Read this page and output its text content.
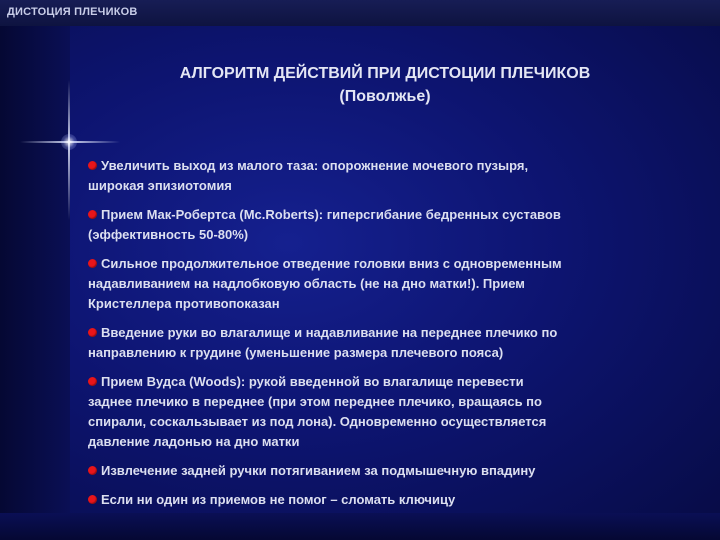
ДИСТОЦИЯ ПЛЕЧИКОВ
АЛГОРИТМ ДЕЙСТВИЙ ПРИ ДИСТОЦИИ ПЛЕЧИКОВ
(Поволжье)
Увеличить выход из малого таза: опорожнение мочевого пузыря,
широкая эпизиотомия
Прием Мак-Робертса (Mc.Roberts): гиперсгибание бедренных суставов
(эффективность 50-80%)
Сильное продолжительное отведение головки вниз с одновременным
надавливанием на надлобковую область (не на дно матки!). Прием
Кристеллера противопоказан
Введение руки во влагалище и надавливание на переднее плечико по
направлению к грудине (уменьшение размера плечевого пояса)
Прием Вудса (Woods): рукой введенной во влагалище перевести
заднее плечико в переднее (при этом переднее плечико, вращаясь по
спирали, соскальзывает из под лона). Одновременно осуществляется
давление ладонью на дно матки
Извлечение задней ручки потягиванием за подмышечную впадину
Если ни один из приемов не помог – сломать ключицу
